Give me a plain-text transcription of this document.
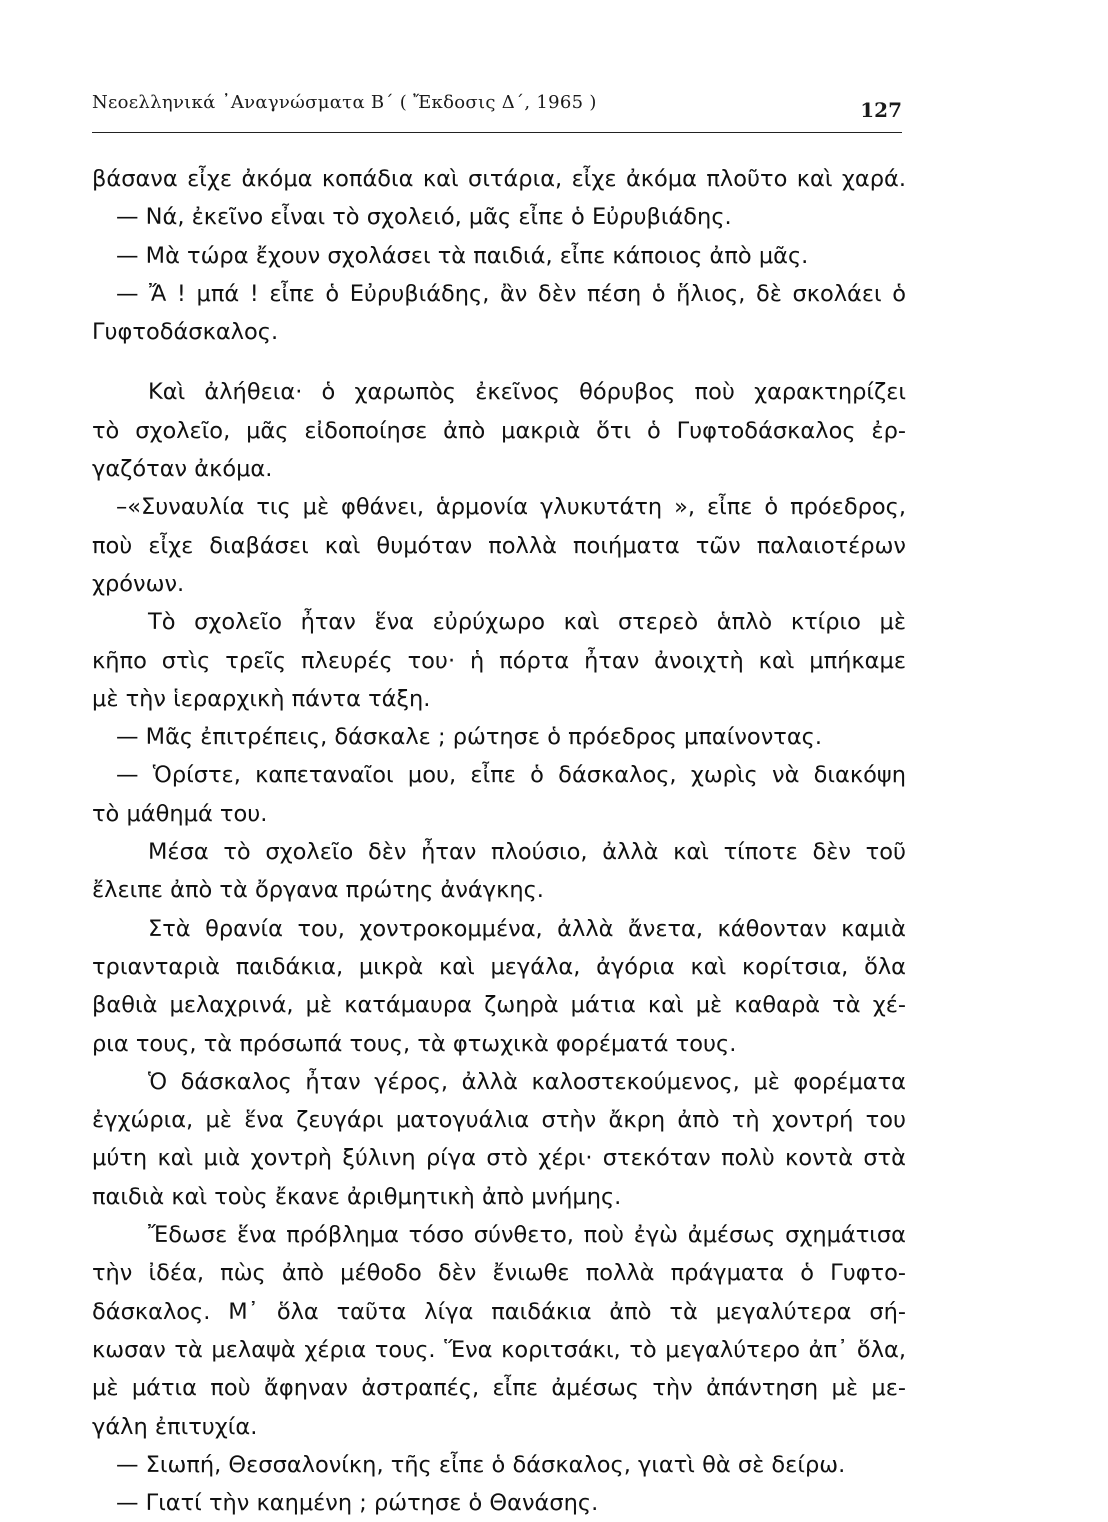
Νεοελληνικά ᾿Αναγνώσματα Β΄ ( Ἔκδοσις Δ΄, 1965 )	127
βάσανα εἶχε ἀκόμα κοπάδια καὶ σιτάρια, εἶχε ἀκόμα πλοῦτο καὶ χαρά.
— Νά, ἐκεῖνο εἶναι τὸ σχολειό, μᾶς εἶπε ὁ Εὐρυβιάδης.
— Μὰ τώρα ἔχουν σχολάσει τὰ παιδιά, εἶπε κάποιος ἀπὸ μᾶς.
— Ἄ ! μπά ! εἶπε ὁ Εὐρυβιάδης, ἂν δὲν πέση ὁ ἥλιος, δὲ σκολάει ὁ
Γυφτοδάσκαλος.
Καὶ ἀλήθεια· ὁ χαρωπὸς ἐκεῖνος θόρυβος ποὺ χαρακτηρίζει
τὸ σχολεῖο, μᾶς εἰδοποίησε ἀπὸ μακριὰ ὅτι ὁ Γυφτοδάσκαλος ἐρ-
γαζόταν ἀκόμα.
–«Συναυλία τις μὲ φθάνει, ἁρμονία γλυκυτάτη », εἶπε ὁ πρόεδρος,
ποὺ εἶχε διαβάσει καὶ θυμόταν πολλὰ ποιήματα τῶν παλαιοτέρων
χρόνων.
Τὸ σχολεῖο ἦταν ἕνα εὐρύχωρο καὶ στερεὸ ἁπλὸ κτίριο μὲ
κῆπο στὶς τρεῖς πλευρές του· ἡ πόρτα ἦταν ἀνοιχτὴ καὶ μπήκαμε
μὲ τὴν ἱεραρχικὴ πάντα τάξη.
— Μᾶς ἐπιτρέπεις, δάσκαλε ; ρώτησε ὁ πρόεδρος μπαίνοντας.
— Ὁρίστε, καπεταναῖοι μου, εἶπε ὁ δάσκαλος, χωρὶς νὰ διακόψη
τὸ μάθημά του.
Μέσα τὸ σχολεῖο δὲν ἦταν πλούσιο, ἀλλὰ καὶ τίποτε δὲν τοῦ
ἔλειπε ἀπὸ τὰ ὄργανα πρώτης ἀνάγκης.
Στὰ θρανία του, χοντροκομμένα, ἀλλὰ ἄνετα, κάθονταν καμιὰ
τριανταριὰ παιδάκια, μικρὰ καὶ μεγάλα, ἀγόρια καὶ κορίτσια, ὅλα
βαθιὰ μελαχρινά, μὲ κατάμαυρα ζωηρὰ μάτια καὶ μὲ καθαρὰ τὰ χέ-
ρια τους, τὰ πρόσωπά τους, τὰ φτωχικὰ φορέματά τους.
Ὁ δάσκαλος ἦταν γέρος, ἀλλὰ καλοστεκούμενος, μὲ φορέματα
ἐγχώρια, μὲ ἕνα ζευγάρι ματογυάλια στὴν ἄκρη ἀπὸ τὴ χοντρή του
μύτη καὶ μιὰ χοντρὴ ξύλινη ρίγα στὸ χέρι· στεκόταν πολὺ κοντὰ στὰ
παιδιὰ καὶ τοὺς ἔκανε ἀριθμητικὴ ἀπὸ μνήμης.
Ἔδωσε ἕνα πρόβλημα τόσο σύνθετο, ποὺ ἐγὼ ἀμέσως σχημάτισα
τὴν ἰδέα, πὼς ἀπὸ μέθοδο δὲν ἔνιωθε πολλὰ πράγματα ὁ Γυφτο-
δάσκαλος. Μ᾿ ὅλα ταῦτα λίγα παιδάκια ἀπὸ τὰ μεγαλύτερα σή-
κωσαν τὰ μελαψὰ χέρια τους. Ἕνα κοριτσάκι, τὸ μεγαλύτερο ἀπ᾿ ὅλα,
μὲ μάτια ποὺ ἄφηναν ἀστραπές, εἶπε ἀμέσως τὴν ἀπάντηση μὲ με-
γάλη ἐπιτυχία.
— Σιωπή, Θεσσαλονίκη, τῆς εἶπε ὁ δάσκαλος, γιατὶ θὰ σὲ δείρω.
— Γιατί τὴν καημένη ; ρώτησε ὁ Θανάσης.
